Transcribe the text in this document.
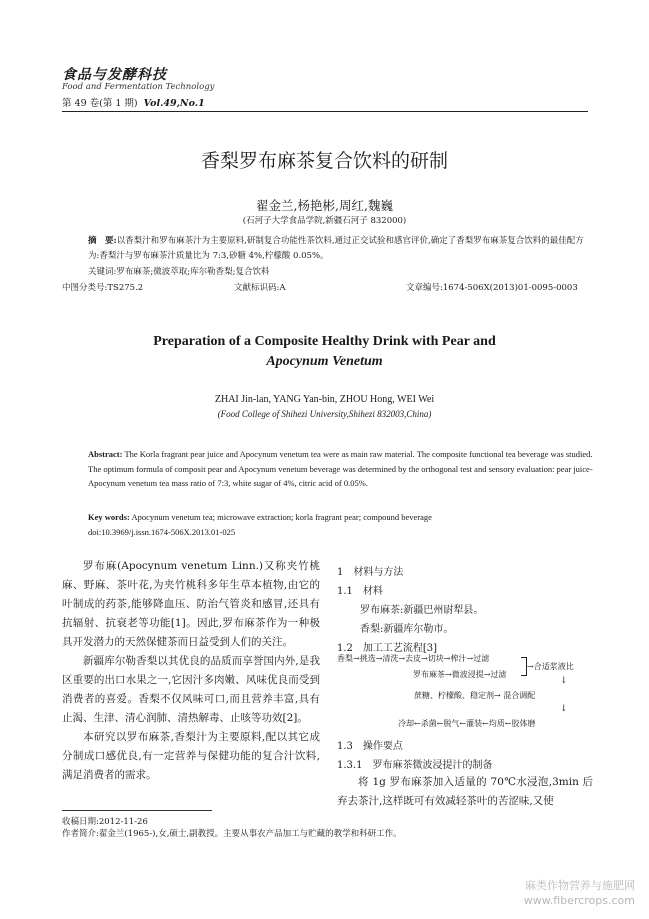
食品与发酵科技
Food and Fermentation Technology
第 49 卷(第 1 期) Vol.49,No.1
香梨罗布麻茶复合饮料的研制
翟金兰,杨艳彬,周红,魏巍
(石河子大学食品学院,新疆石河子 832000)
摘　要:以香梨汁和罗布麻茶汁为主要原料,研制复合功能性茶饮料,通过正交试验和感官评价,确定了香梨罗布麻茶复合饮料的最佳配方为:香梨汁与罗布麻茶汁质量比为 7:3,砂糖 4%,柠檬酸 0.05%。
关键词:罗布麻茶;微波萃取;库尔勒香梨;复合饮料
中图分类号:TS275.2	文献标识码:A	文章编号:1674-506X(2013)01-0095-0003
Preparation of a Composite Healthy Drink with Pear and
Apocynum Venetum
ZHAI Jin-lan, YANG Yan-bin, ZHOU Hong, WEI Wei
(Food College of Shihezi University,Shihezi 832003,China)
Abstract: The Korla fragrant pear juice and Apocynum venetum tea were as main raw material. The composite functional tea beverage was studied. The optimum formula of composit pear and Apocynum venetum beverage was determined by the orthogonal test and sensory evaluation: pear juice-Apocynum venetum tea mass ratio of 7:3, white sugar of 4%, citric acid of 0.05%.
Key words: Apocynum venetum tea; microwave extraction; korla fragrant pear; compound beverage
doi:10.3969/j.issn.1674-506X.2013.01-025

罗布麻(Apocynum venetum Linn.)又称夹竹桃麻、野麻、茶叶花,为夹竹桃科多年生草本植物,由它的叶制成的药茶,能够降血压、防治气管炎和感冒,还具有抗辐射、抗衰老等功能[1]。因此,罗布麻茶作为一种极具开发潜力的天然保健茶而日益受到人们的关注。

新疆库尔勒香梨以其优良的品质而享誉国内外,是我区重要的出口水果之一,它因汁多肉嫩、风味优良而受到消费者的喜爱。香梨不仅风味可口,而且营养丰富,具有止渴、生津、清心润肺、清热解毒、止咳等功效[2]。

本研究以罗布麻茶,香梨汁为主要原料,配以其它成分制成口感优良,有一定营养与保健功能的复合汁饮料,满足消费者的需求。

1　材料与方法
1.1　材料
罗布麻茶:新疆巴州尉犁县。
香梨:新疆库尔勒市。
1.2　加工工艺流程[3]
香梨→挑选→清洗→去皮→切块→榨汁→过滤
罗布麻茶→微波浸提→过滤
→合适浆液比
↓
蔗糖、柠檬酸、稳定剂→ 混合调配
↓
冷却←杀菌←脱气←灌装←均质←胶体磨
1.3　操作要点
1.3.1　罗布麻茶微波浸提汁的制备

将 1g 罗布麻茶加入适量的 70℃水浸泡,3min 后弃去茶汁,这样既可有效减轻茶叶的苦涩味,又使

收稿日期:2012-11-26
作者简介:翟金兰(1965-),女,硕士,副教授。主要从事农产品加工与贮藏的教学和科研工作。
麻类作物营养与施肥网
www.fibercrops.com
